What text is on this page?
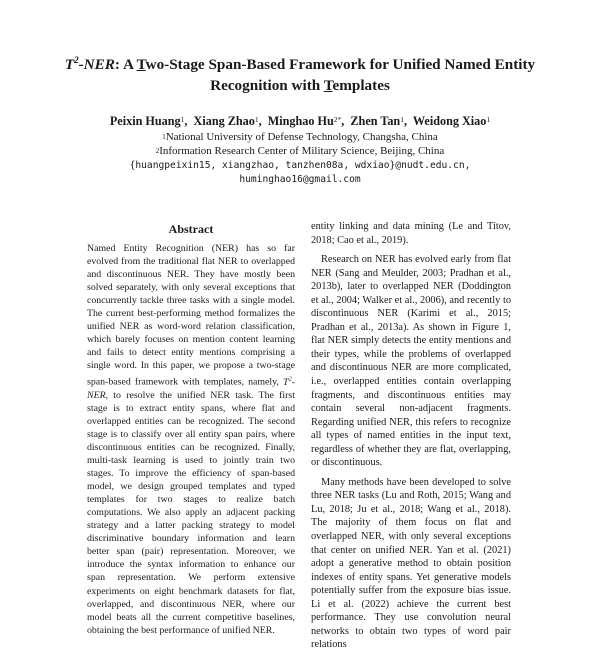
$T^2$-NER: A Two-Stage Span-Based Framework for Unified Named Entity
Recognition with Templates
Peixin Huang$^1$,  Xiang Zhao$^1$,  Minghao $Hu^{2*}$,  Zhen Tan$^1$,  Weidong Xiao$^1$
$^1$National University of Defense Technology, Changsha, China
$^2$Information Research Center of Military Science, Beijing, China
{huangpeixin15, xiangzhao, tanzhen08a, wdxiao}@nudt.edu.cn,
huminghao16@gmail.com
Abstract

Named Entity Recognition (NER) has so far evolved from the traditional flat NER to overlapped and discontinuous NER. They have mostly been solved separately, with only several exceptions that concurrently tackle three tasks with a single model. The current best-performing method formalizes the unified NER as word-word relation classification, which barely focuses on mention content learning and fails to detect entity mentions comprising a single word. In this paper, we propose a two-stage span-based framework with templates, namely, $T^2$-NER, to resolve the unified NER task. The first stage is to extract entity spans, where flat and overlapped entities can be recognized. The second stage is to classify over all entity span pairs, where discontinuous entities can be recognized. Finally, multi-task learning is used to jointly train two stages. To improve the efficiency of span-based model, we design grouped templates and typed templates for two stages to realize batch computations. We also apply an adjacent packing strategy and a latter packing strategy to model discriminative boundary information and learn better span (pair) representation. Moreover, we introduce the syntax information to enhance our span representation. We perform extensive experiments on eight benchmark datasets for flat, overlapped, and discontinuous NER, where our model beats all the current competitive baselines, obtaining the best performance of unified NER.

entity linking and data mining (Le and Titov, 2018; Cao et al., 2019).

Research on NER has evolved early from flat NER (Sang and Meulder, 2003; Pradhan et al., 2013b), later to overlapped NER (Doddington et al., 2004; Walker et al., 2006), and recently to discontinuous NER (Karimi et al., 2015; Pradhan et al., 2013a). As shown in Figure 1, flat NER simply detects the entity mentions and their types, while the problems of overlapped and discontinuous NER are more complicated, i.e., overlapped entities contain overlapping fragments, and discontinuous entities may contain several non-adjacent fragments. Regarding unified NER, this refers to recognize all types of named entities in the input text, regardless of whether they are flat, overlapping, or discontinuous.

Many methods have been developed to solve three NER tasks (Lu and Roth, 2015; Wang and Lu, 2018; Ju et al., 2018; Wang et al., 2018). The majority of them focus on flat and overlapped NER, with only several exceptions that center on unified NER. Yan et al. (2021) adopt a generative method to obtain position indexes of entity spans. Yet generative models potentially suffer from the exposure bias issue. Li et al. (2022) achieve the current best performance. They use convolution neural networks to obtain two types of word pair relations
